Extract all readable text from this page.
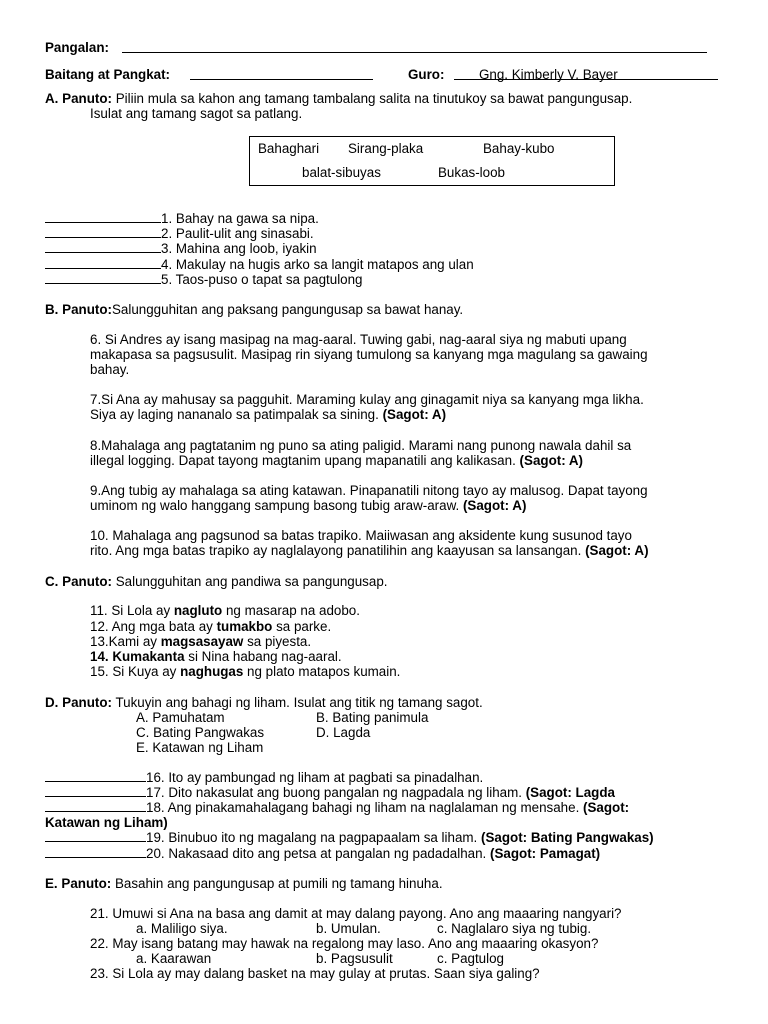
Pangalan:
Baitang at Pangkat:	Guro:	Gng. Kimberly V. Bayer
A. Panuto: Piliin mula sa kahon ang tamang tambalang salita na tinutukoy sa bawat pangungusap.
Isulat ang tamang sagot sa patlang.
Bahaghari Sirang-plaka	Bahay-kubo
balat-sibuyas	Bukas-loob
1. Bahay na gawa sa nipa.
2. Paulit-ulit ang sinasabi.
3. Mahina ang loob, iyakin
4. Makulay na hugis arko sa langit matapos ang ulan
5. Taos-puso o tapat sa pagtulong
B. Panuto:Salungguhitan ang paksang pangungusap sa bawat hanay.
6. Si Andres ay isang masipag na mag-aaral. Tuwing gabi, nag-aaral siya ng mabuti upang
makapasa sa pagsusulit. Masipag rin siyang tumulong sa kanyang mga magulang sa gawaing
bahay.
7.Si Ana ay mahusay sa pagguhit. Maraming kulay ang ginagamit niya sa kanyang mga likha.
Siya ay laging nananalo sa patimpalak sa sining. (Sagot: A)
8.Mahalaga ang pagtatanim ng puno sa ating paligid. Marami nang punong nawala dahil sa
illegal logging. Dapat tayong magtanim upang mapanatili ang kalikasan. (Sagot: A)
9.Ang tubig ay mahalaga sa ating katawan. Pinapanatili nitong tayo ay malusog. Dapat tayong
uminom ng walo hanggang sampung basong tubig araw-araw. (Sagot: A)
10. Mahalaga ang pagsunod sa batas trapiko. Maiiwasan ang aksidente kung susunod tayo
rito. Ang mga batas trapiko ay naglalayong panatilihin ang kaayusan sa lansangan. (Sagot: A)
C. Panuto: Salungguhitan ang pandiwa sa pangungusap.
11. Si Lola ay nagluto ng masarap na adobo.
12. Ang mga bata ay tumakbo sa parke.
13.Kami ay magsasayaw sa piyesta.
14. Kumakanta si Nina habang nag-aaral.
15. Si Kuya ay naghugas ng plato matapos kumain.
D. Panuto: Tukuyin ang bahagi ng liham. Isulat ang titik ng tamang sagot.
A. Pamuhatam	B. Bating panimula
C. Bating Pangwakas	D. Lagda
E. Katawan ng Liham
16. Ito ay pambungad ng liham at pagbati sa pinadalhan.
17. Dito nakasulat ang buong pangalan ng nagpadala ng liham. (Sagot: Lagda
18. Ang pinakamahalagang bahagi ng liham na naglalaman ng mensahe. (Sagot:
Katawan ng Liham)
19. Binubuo ito ng magalang na pagpapaalam sa liham. (Sagot: Bating Pangwakas)
20. Nakasaad dito ang petsa at pangalan ng padadalhan. (Sagot: Pamagat)
E. Panuto: Basahin ang pangungusap at pumili ng tamang hinuha.
21. Umuwi si Ana na basa ang damit at may dalang payong. Ano ang maaaring nangyari?
a. Maliligo siya.	b. Umulan.	c. Naglalaro siya ng tubig.
22. May isang batang may hawak na regalong may laso. Ano ang maaaring okasyon?
a. Kaarawan	b. Pagsusulit	c. Pagtulog
23. Si Lola ay may dalang basket na may gulay at prutas. Saan siya galing?
